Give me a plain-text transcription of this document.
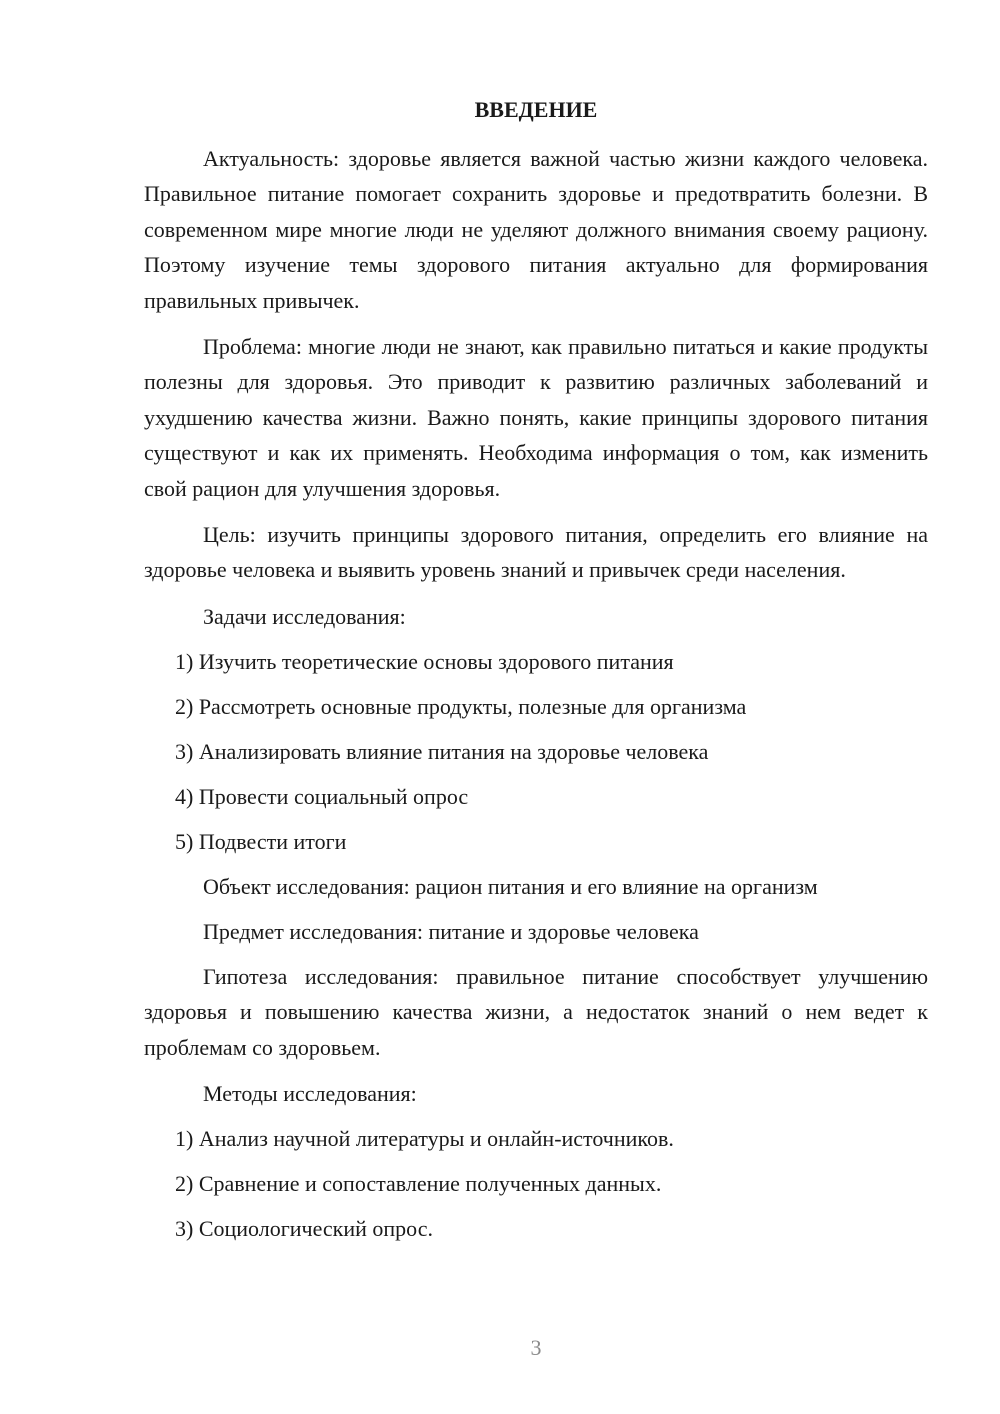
ВВЕДЕНИЕ

Актуальность: здоровье является важной частью жизни каждого человека. Правильное питание помогает сохранить здоровье и предотвратить болезни. В современном мире многие люди не уделяют должного внимания своему рациону. Поэтому изучение темы здорового питания актуально для формирования правильных привычек.

Проблема: многие люди не знают, как правильно питаться и какие продукты полезны для здоровья. Это приводит к развитию различных заболеваний и ухудшению качества жизни. Важно понять, какие принципы здорового питания существуют и как их применять. Необходима информация о том, как изменить свой рацион для улучшения здоровья.

Цель: изучить принципы здорового питания, определить его влияние на здоровье человека и выявить уровень знаний и привычек среди населения.

Задачи исследования:
1) Изучить теоретические основы здорового питания
2) Рассмотреть основные продукты, полезные для организма
3) Анализировать влияние питания на здоровье человека
4) Провести социальный опрос
5) Подвести итоги
Объект исследования: рацион питания и его влияние на организм
Предмет исследования: питание и здоровье человека

Гипотеза исследования: правильное питание способствует улучшению здоровья и повышению качества жизни, а недостаток знаний о нем ведет к проблемам со здоровьем.

Методы исследования:
1) Анализ научной литературы и онлайн-источников.
2) Сравнение и сопоставление полученных данных.
3) Социологический опрос.
3
